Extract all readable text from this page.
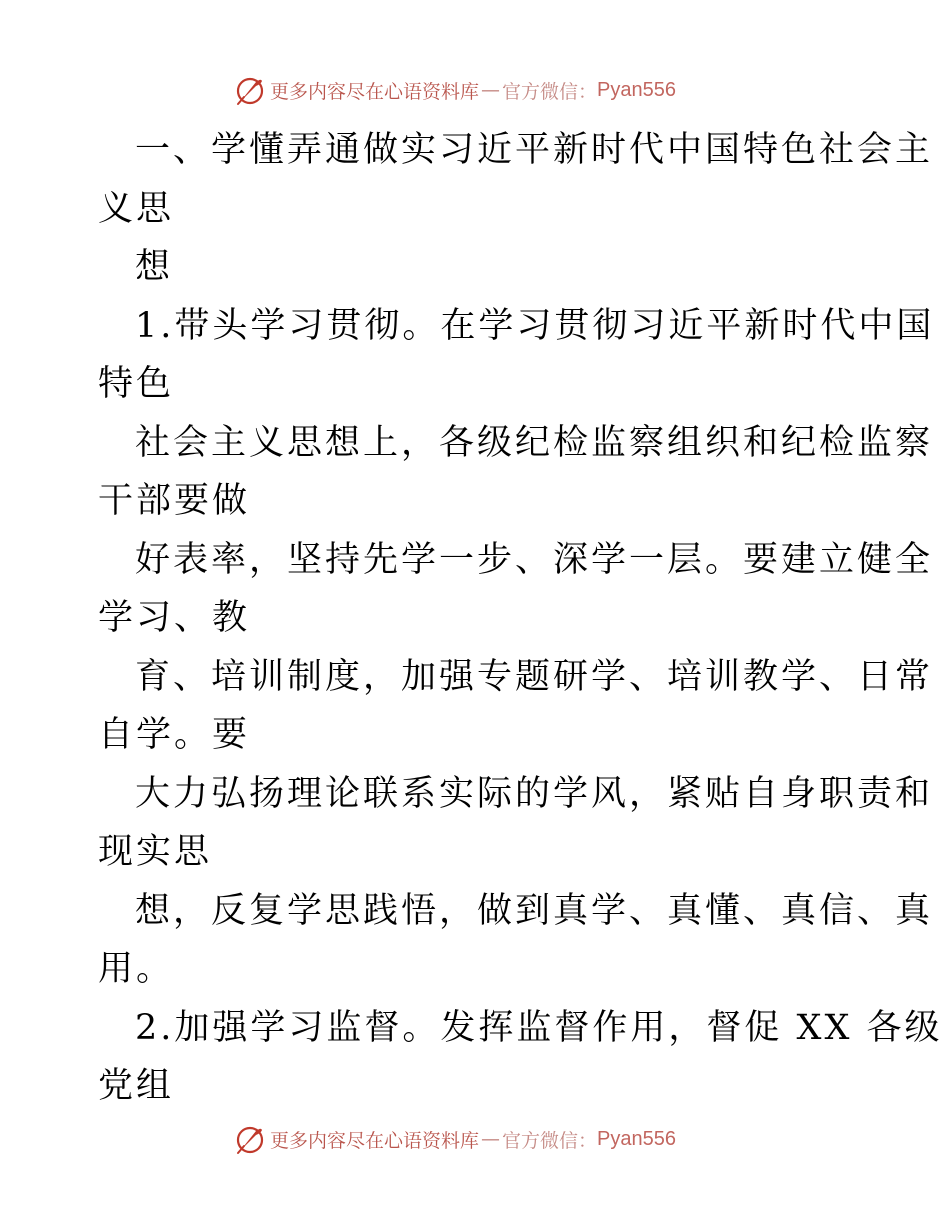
更多内容尽在心语资料库 — 官方微信： Pyan556
一、学懂弄通做实习近平新时代中国特色社会主
义思
想
1.带头学习贯彻。在学习贯彻习近平新时代中国
特色
社会主义思想上，各级纪检监察组织和纪检监察
干部要做
好表率，坚持先学一步、深学一层。要建立健全
学习、教
育、培训制度，加强专题研学、培训教学、日常
自学。要
大力弘扬理论联系实际的学风，紧贴自身职责和
现实思
想，反复学思践悟，做到真学、真懂、真信、真
用。
2.加强学习监督。发挥监督作用，督促 XX 各级
党组
更多内容尽在心语资料库 — 官方微信： Pyan556
